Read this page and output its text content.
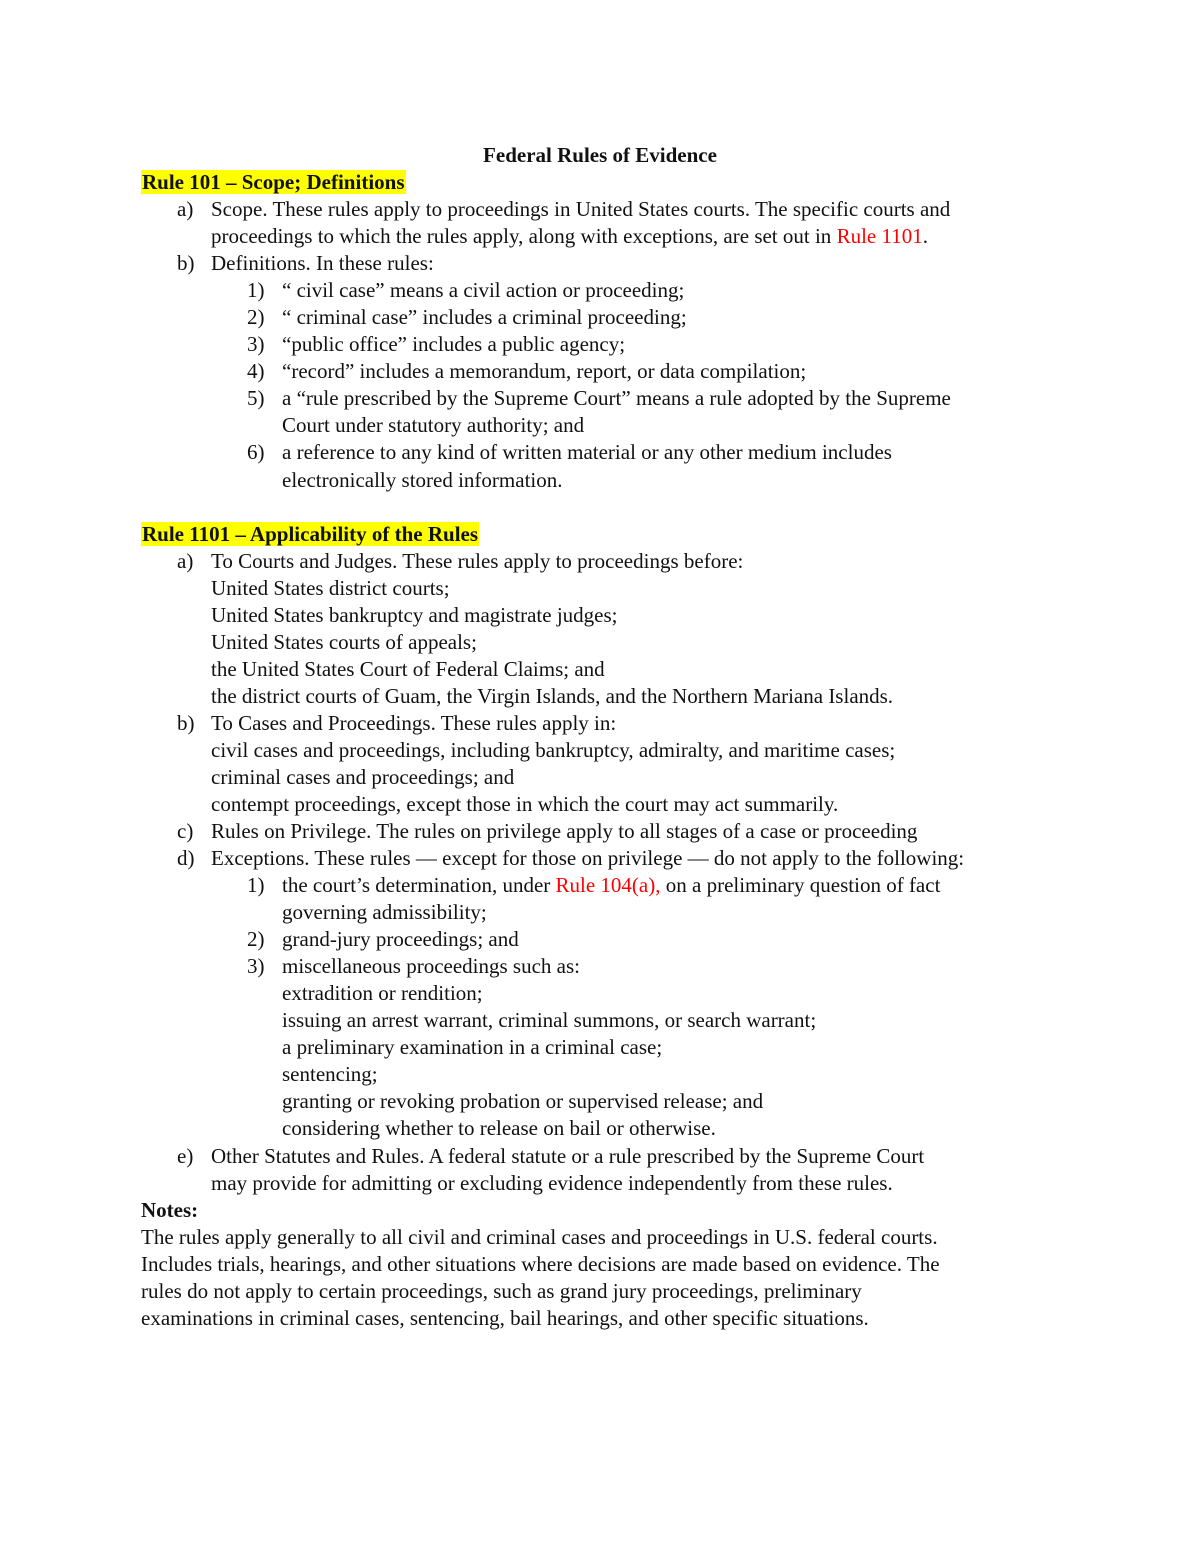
Federal Rules of Evidence
Rule 101 – Scope; Definitions
a) Scope. These rules apply to proceedings in United States courts. The specific courts and
proceedings to which the rules apply, along with exceptions, are set out in Rule 1101.
b) Definitions. In these rules:
1) “ civil case” means a civil action or proceeding;
2) “ criminal case” includes a criminal proceeding;
3) “public office” includes a public agency;
4) “record” includes a memorandum, report, or data compilation;
5) a “rule prescribed by the Supreme Court” means a rule adopted by the Supreme
Court under statutory authority; and
6) a reference to any kind of written material or any other medium includes
electronically stored information.
Rule 1101 – Applicability of the Rules
a) To Courts and Judges. These rules apply to proceedings before:
United States district courts;
United States bankruptcy and magistrate judges;
United States courts of appeals;
the United States Court of Federal Claims; and
the district courts of Guam, the Virgin Islands, and the Northern Mariana Islands.
b) To Cases and Proceedings. These rules apply in:
civil cases and proceedings, including bankruptcy, admiralty, and maritime cases;
criminal cases and proceedings; and
contempt proceedings, except those in which the court may act summarily.
c) Rules on Privilege. The rules on privilege apply to all stages of a case or proceeding
d) Exceptions. These rules — except for those on privilege — do not apply to the following:
1) the court’s determination, under Rule 104(a), on a preliminary question of fact
governing admissibility;
2) grand-jury proceedings; and
3) miscellaneous proceedings such as:
extradition or rendition;
issuing an arrest warrant, criminal summons, or search warrant;
a preliminary examination in a criminal case;
sentencing;
granting or revoking probation or supervised release; and
considering whether to release on bail or otherwise.
e) Other Statutes and Rules. A federal statute or a rule prescribed by the Supreme Court
may provide for admitting or excluding evidence independently from these rules.
Notes:
The rules apply generally to all civil and criminal cases and proceedings in U.S. federal courts.
Includes trials, hearings, and other situations where decisions are made based on evidence. The
rules do not apply to certain proceedings, such as grand jury proceedings, preliminary
examinations in criminal cases, sentencing, bail hearings, and other specific situations.
